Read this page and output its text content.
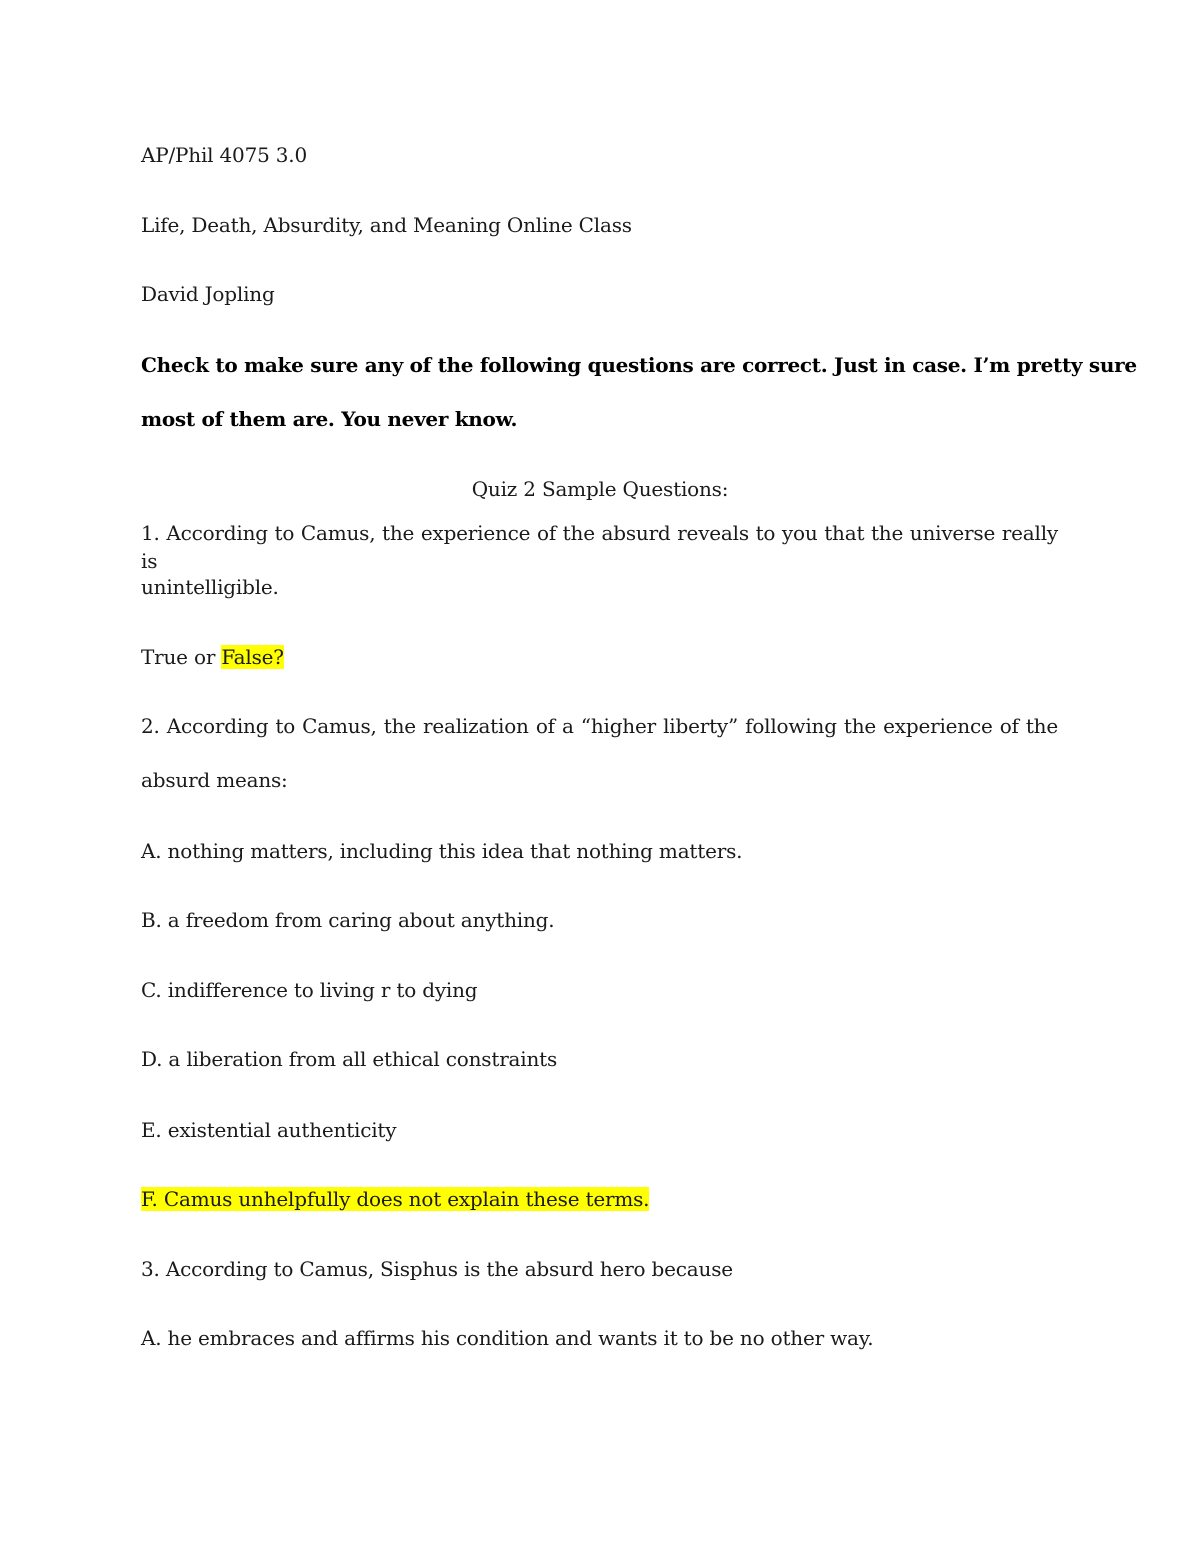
AP/Phil 4075 3.0
Life, Death, Absurdity, and Meaning Online Class
David Jopling
Check to make sure any of the following questions are correct. Just in case. I’m pretty sure
most of them are. You never know.
Quiz 2 Sample Questions:
1. According to Camus, the experience of the absurd reveals to you that the universe really is
unintelligible.
True or False?
2. According to Camus, the realization of a “higher liberty” following the experience of the
absurd means:
A. nothing matters, including this idea that nothing matters.
B. a freedom from caring about anything.
C. indifference to living r to dying
D. a liberation from all ethical constraints
E. existential authenticity
F. Camus unhelpfully does not explain these terms.
3. According to Camus, Sisphus is the absurd hero because
A. he embraces and affirms his condition and wants it to be no other way.
